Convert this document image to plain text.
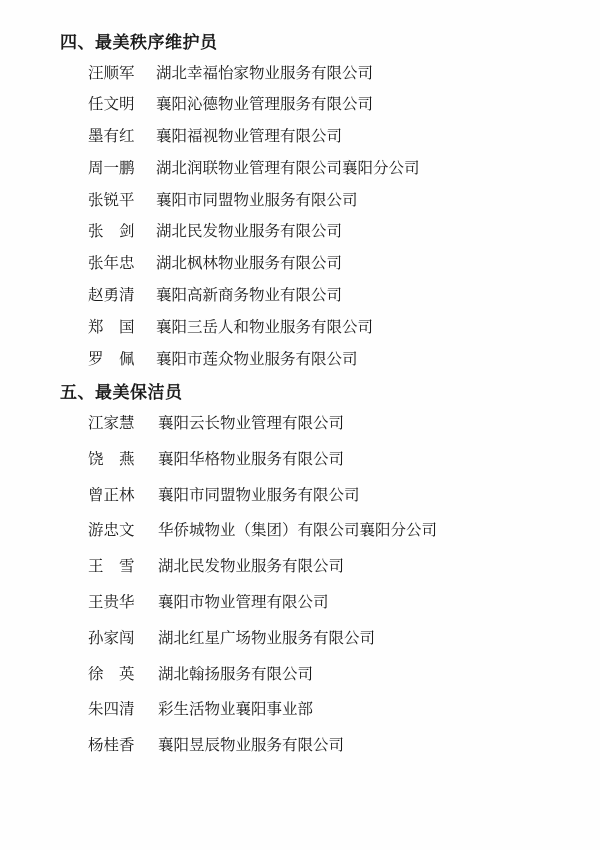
四、最美秩序维护员
汪顺军	湖北幸福怡家物业服务有限公司
任文明	襄阳沁德物业管理服务有限公司
墨有红	襄阳福视物业管理有限公司
周一鹏	湖北润联物业管理有限公司襄阳分公司
张锐平	襄阳市同盟物业服务有限公司
张　剑	湖北民发物业服务有限公司
张年忠	湖北枫林物业服务有限公司
赵勇清	襄阳高新商务物业有限公司
郑　国	襄阳三岳人和物业服务有限公司
罗　佩	襄阳市莲众物业服务有限公司
五、最美保洁员
江家慧	襄阳云长物业管理有限公司
饶　燕	襄阳华格物业服务有限公司
曾正林	襄阳市同盟物业服务有限公司
游忠文	华侨城物业（集团）有限公司襄阳分公司
王　雪	湖北民发物业服务有限公司
王贵华	襄阳市物业管理有限公司
孙家闯	湖北红星广场物业服务有限公司
徐　英	湖北翰扬服务有限公司
朱四清	彩生活物业襄阳事业部
杨桂香	襄阳昱辰物业服务有限公司
